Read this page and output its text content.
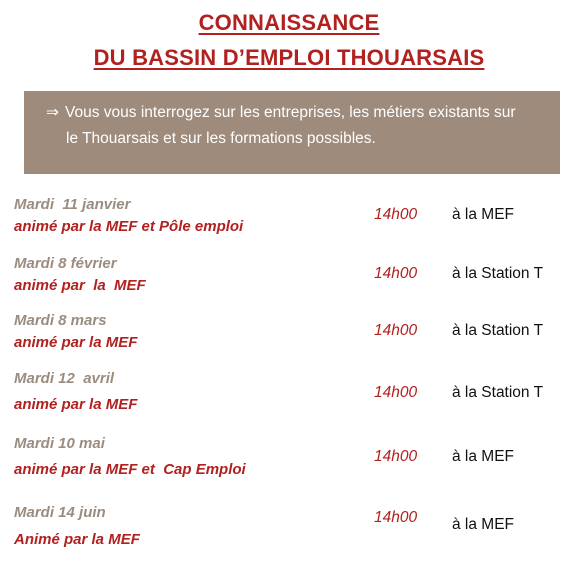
CONNAISSANCE
DU BASSIN D’EMPLOI THOUARSAIS
⇒ Vous vous interrogez sur les entreprises, les métiers existants sur
le Thouarsais et sur les formations possibles.
Mardi  11 janvier
animé par la MEF et Pôle emploi
14h00 à la MEF
Mardi 8 février
animé par  la  MEF
14h00 à la Station T
Mardi 8 mars
animé par la MEF
14h00 à la Station T
Mardi 12  avril
animé par la MEF
14h00 à la Station T
Mardi 10 mai
animé par la MEF et  Cap Emploi
14h00 à la MEF
Mardi 14 juin
Animé par la MEF
14h00 à la MEF
